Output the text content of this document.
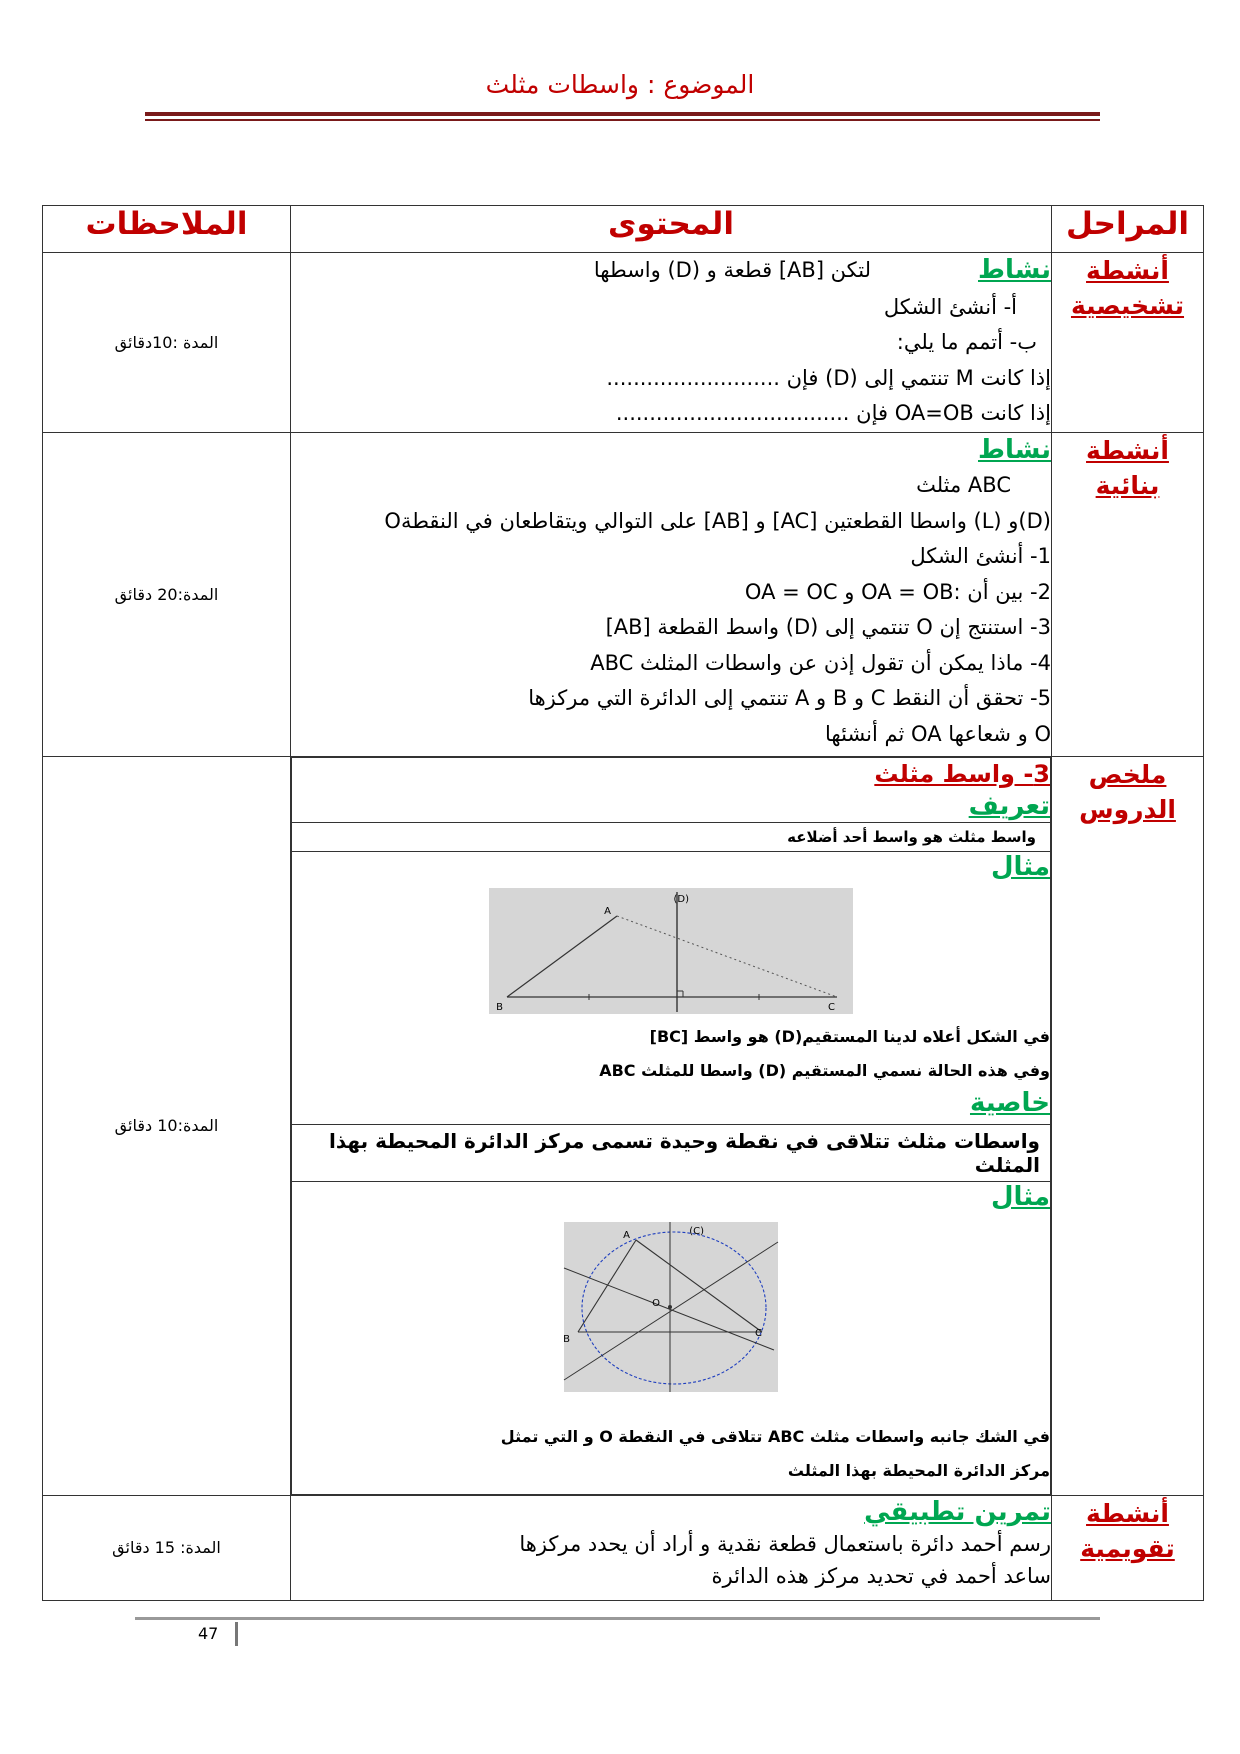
الموضوع : واسطات مثلث
المراحل	المحتوى	الملاحظات

أنشطة
تشخيصية

نشاط
لتكن [AB] قطعة و (D) واسطها
أ- أنشئ الشكل
ب- أتمم ما يلي:
إذا كانت M تنتمي إلى (D) فإن ..........................
إذا كانت OA=OB فإن ...................................
	المدة :10دقائق

أنشطة
بنائية

نشاط
ABC مثلث
(D)و (L) واسطا القطعتين [AC] و [AB] على التوالي ويتقاطعان في النقطةO
1- أنشئ الشكل
2- بين أن :OA = OB و OA = OC
3- استنتج إن O تنتمي إلى (D) واسط القطعة [AB]
4- ماذا يمكن أن تقول إذن عن واسطات المثلث ABC
5- تحقق أن النقط C و B و A تنتمي إلى الدائرة التي مركزها
O و شعاعها OA ثم أنشئها
	المدة:20 دقائق

ملخص
الدروس

3- واسط مثلث
تعريف

واسط مثلث هو واسط أحد أضلاعه

مثال
(D)
A
B	C
في الشكل أعلاه لدينا المستقيم(D) هو واسط [BC]
وفي هذه الحالة نسمي المستقيم (D) واسطا للمثلث ABC
خاصية

واسطات مثلث تتلاقى في نقطة وحيدة تسمى مركز الدائرة المحيطة بهذا المثلث

مثال
A
B
C
O
(C)
في الشك جانبه واسطات مثلث ABC تتلاقى في النقطة O و التي تمثل
مركز الدائرة المحيطة بهذا المثلث
	المدة:10 دقائق

أنشطة
تقويمية

تمرين تطبيقي
رسم أحمد دائرة باستعمال قطعة نقدية و أراد أن يحدد مركزها
ساعد أحمد في تحديد مركز هذه الدائرة
	المدة: 15 دقائق
47
